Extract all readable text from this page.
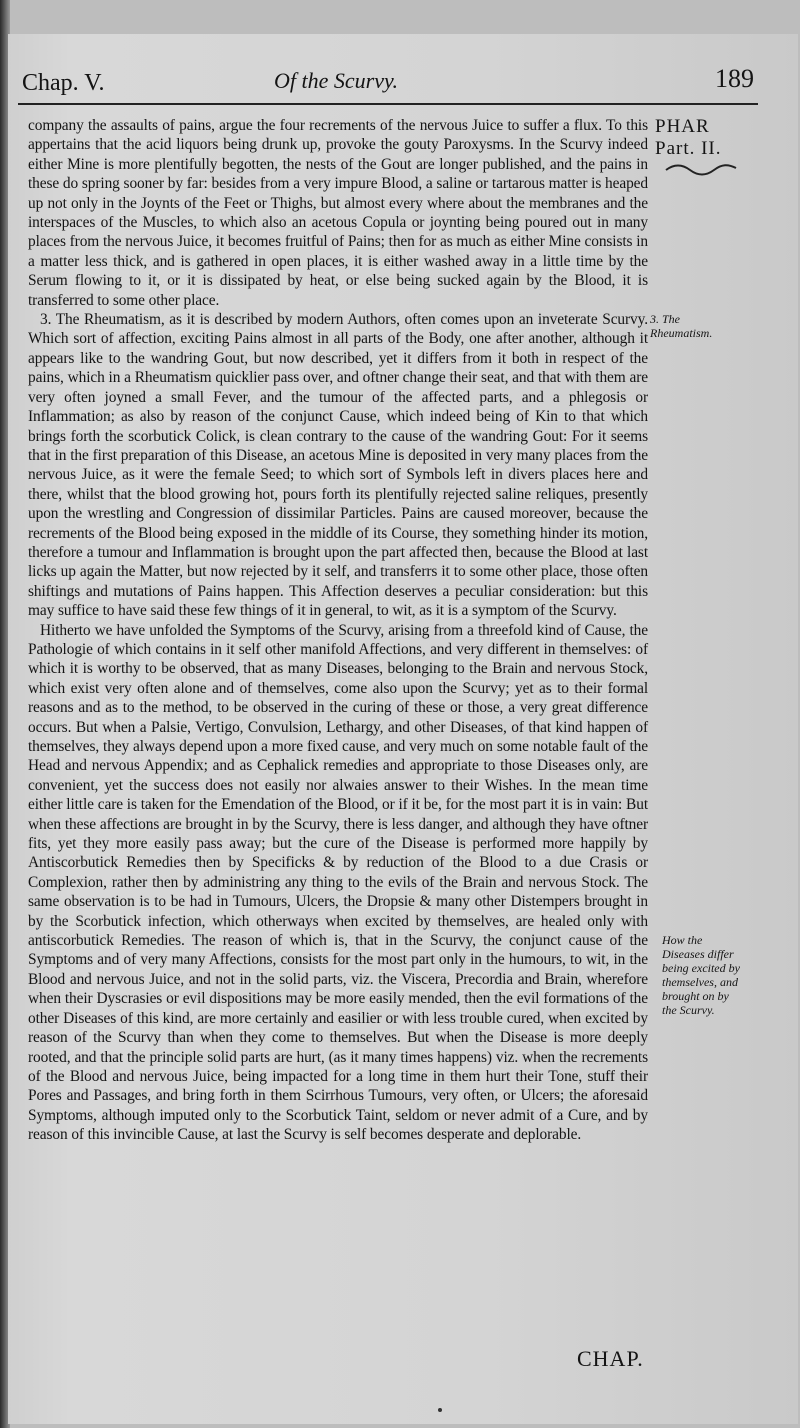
Chap. V.	Of the Scurvy.	189
PHAR
Part. II.

company the assaults of pains, argue the four recrements of the nervous Juice to suffer a flux. To this appertains that the acid liquors being drunk up, provoke the gouty Paroxysms. In the Scurvy indeed either Mine is more plentifully begotten, the nests of the Gout are longer published, and the pains in these do spring sooner by far: besides from a very impure Blood, a saline or tartarous matter is heaped up not only in the Joynts of the Feet or Thighs, but almost every where about the membranes and the interspaces of the Muscles, to which also an acetous Copula or joynting being poured out in many places from the nervous Juice, it becomes fruitful of Pains; then for as much as either Mine consists in a matter less thick, and is gathered in open places, it is either washed away in a little time by the Serum flowing to it, or it is dissipated by heat, or else being sucked again by the Blood, it is transferred to some other place.

3. The Rheumatism, as it is described by modern Authors, often comes upon an inveterate Scurvy. Which sort of affection, exciting Pains almost in all parts of the Body, one after another, although it appears like to the wandring Gout, but now described, yet it differs from it both in respect of the pains, which in a Rheumatism quicklier pass over, and oftner change their seat, and that with them are very often joyned a small Fever, and the tumour of the affected parts, and a phlegosis or Inflammation; as also by reason of the conjunct Cause, which indeed being of Kin to that which brings forth the scorbutick Colick, is clean contrary to the cause of the wandring Gout: For it seems that in the first preparation of this Disease, an acetous Mine is deposited in very many places from the nervous Juice, as it were the female Seed; to which sort of Symbols left in divers places here and there, whilst that the blood growing hot, pours forth its plentifully rejected saline reliques, presently upon the wrestling and Congression of dissimilar Particles. Pains are caused moreover, because the recrements of the Blood being exposed in the middle of its Course, they something hinder its motion, therefore a tumour and Inflammation is brought upon the part affected then, because the Blood at last licks up again the Matter, but now rejected by it self, and transferrs it to some other place, those often shiftings and mutations of Pains happen. This Affection deserves a peculiar consideration: but this may suffice to have said these few things of it in general, to wit, as it is a symptom of the Scurvy.

Hitherto we have unfolded the Symptoms of the Scurvy, arising from a threefold kind of Cause, the Pathologie of which contains in it self other manifold Affections, and very different in themselves: of which it is worthy to be observed, that as many Diseases, belonging to the Brain and nervous Stock, which exist very often alone and of themselves, come also upon the Scurvy; yet as to their formal reasons and as to the method, to be observed in the curing of these or those, a very great difference occurs. But when a Palsie, Vertigo, Convulsion, Lethargy, and other Diseases, of that kind happen of themselves, they always depend upon a more fixed cause, and very much on some notable fault of the Head and nervous Appendix; and as Cephalick remedies and appropriate to those Diseases only, are convenient, yet the success does not easily nor alwaies answer to their Wishes. In the mean time either little care is taken for the Emendation of the Blood, or if it be, for the most part it is in vain: But when these affections are brought in by the Scurvy, there is less danger, and although they have oftner fits, yet they more easily pass away; but the cure of the Disease is performed more happily by Antiscorbutick Remedies then by Specificks & by reduction of the Blood to a due Crasis or Complexion, rather then by administring any thing to the evils of the Brain and nervous Stock. The same observation is to be had in Tumours, Ulcers, the Dropsie & many other Distempers brought in by the Scorbutick infection, which otherways when excited by themselves, are healed only with antiscorbutick Remedies. The reason of which is, that in the Scurvy, the conjunct cause of the Symptoms and of very many Affections, consists for the most part only in the humours, to wit, in the Blood and nervous Juice, and not in the solid parts, viz. the Viscera, Precordia and Brain, wherefore when their Dyscrasies or evil dispositions may be more easily mended, then the evil formations of the other Diseases of this kind, are more certainly and easilier or with less trouble cured, when excited by reason of the Scurvy than when they come to themselves. But when the Disease is more deeply rooted, and that the principle solid parts are hurt, (as it many times happens) viz. when the recrements of the Blood and nervous Juice, being impacted for a long time in them hurt their Tone, stuff their Pores and Passages, and bring forth in them Scirrhous Tumours, very often, or Ulcers; the aforesaid Symptoms, although imputed only to the Scorbutick Taint, seldom or never admit of a Cure, and by reason of this invincible Cause, at last the Scurvy is self becomes desperate and deplorable.

3. The Rheumatism.
How the Diseases differ being excited by themselves, and brought on by the Scurvy.
CHAP.
